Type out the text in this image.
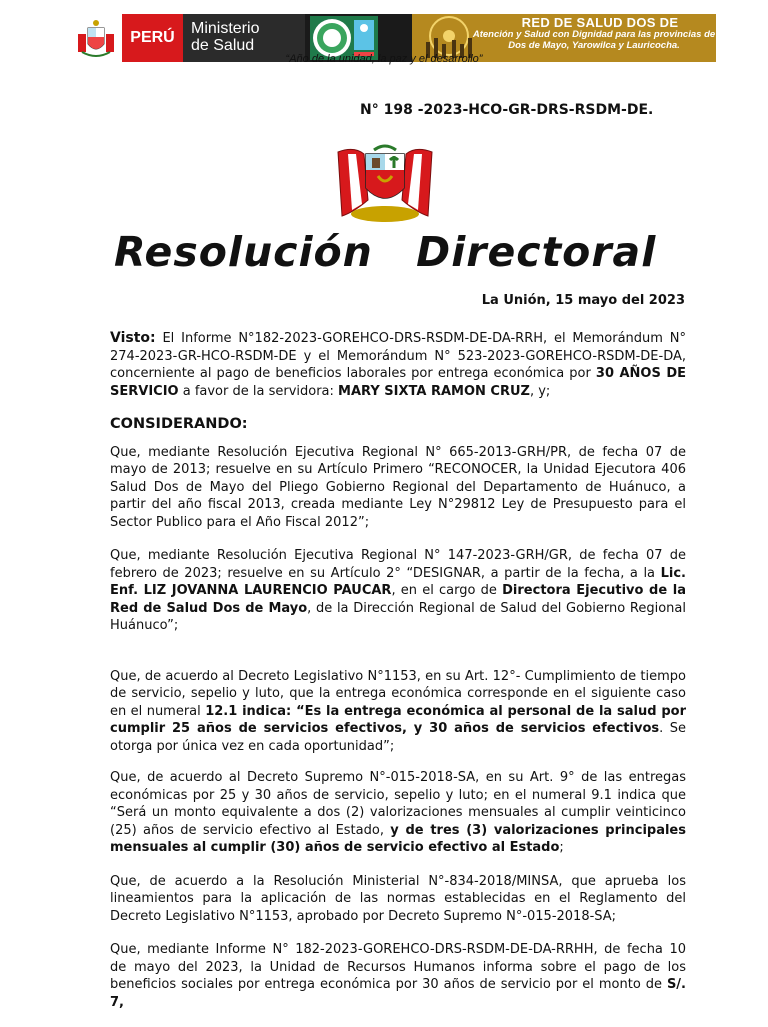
PERÚ
Ministerio
de Salud
RED DE SALUD DOS DE
Atención y Salud con Dignidad para las provincias de Dos de Mayo, Yarowilca y Lauricocha.
“Año de la unidad, la paz y el desarrollo”
N° 198 -2023-HCO-GR-DRS-RSDM-DE.
Resolución Directoral
La Unión, 15 mayo del 2023

Visto: El Informe N°182-2023-GOREHCO-DRS-RSDM-DE-DA-RRH, el Memorándum N° 274-2023-GR-HCO-RSDM-DE y el Memorándum N° 523-2023-GOREHCO-RSDM-DE-DA, concerniente al pago de beneficios laborales por entrega económica por 30 AÑOS DE SERVICIO a favor de la servidora: MARY SIXTA RAMON CRUZ, y;

CONSIDERANDO:

Que, mediante Resolución Ejecutiva Regional N° 665-2013-GRH/PR, de fecha 07 de mayo de 2013; resuelve en su Artículo Primero “RECONOCER, la Unidad Ejecutora 406 Salud Dos de Mayo del Pliego Gobierno Regional del Departamento de Huánuco, a partir del año fiscal 2013, creada mediante Ley N°29812 Ley de Presupuesto para el Sector Publico para el Año Fiscal 2012”;

Que, mediante Resolución Ejecutiva Regional N° 147-2023-GRH/GR, de fecha 07 de febrero de 2023; resuelve en su Artículo 2° “DESIGNAR, a partir de la fecha, a la Lic. Enf. LIZ JOVANNA LAURENCIO PAUCAR, en el cargo de Directora Ejecutivo de la Red de Salud Dos de Mayo, de la Dirección Regional de Salud del Gobierno Regional Huánuco”;

Que, de acuerdo al Decreto Legislativo N°1153, en su Art. 12°- Cumplimiento de tiempo de servicio, sepelio y luto, que la entrega económica corresponde en el siguiente caso en el numeral 12.1 indica: “Es la entrega económica al personal de la salud por cumplir 25 años de servicios efectivos, y 30 años de servicios efectivos. Se otorga por única vez en cada oportunidad”;

Que, de acuerdo al Decreto Supremo N°-015-2018-SA, en su Art. 9° de las entregas económicas por 25 y 30 años de servicio, sepelio y luto; en el numeral 9.1 indica que “Será un monto equivalente a dos (2) valorizaciones mensuales al cumplir veinticinco (25) años de servicio efectivo al Estado, y de tres (3) valorizaciones principales mensuales al cumplir (30) años de servicio efectivo al Estado;

Que, de acuerdo a la Resolución Ministerial N°-834-2018/MINSA, que aprueba los lineamientos para la aplicación de las normas establecidas en el Reglamento del Decreto Legislativo N°1153, aprobado por Decreto Supremo N°-015-2018-SA;

Que, mediante Informe N° 182-2023-GOREHCO-DRS-RSDM-DE-DA-RRHH, de fecha 10 de mayo del 2023, la Unidad de Recursos Humanos informa sobre el pago de los beneficios sociales por entrega económica por 30 años de servicio por el monto de S/. 7,
